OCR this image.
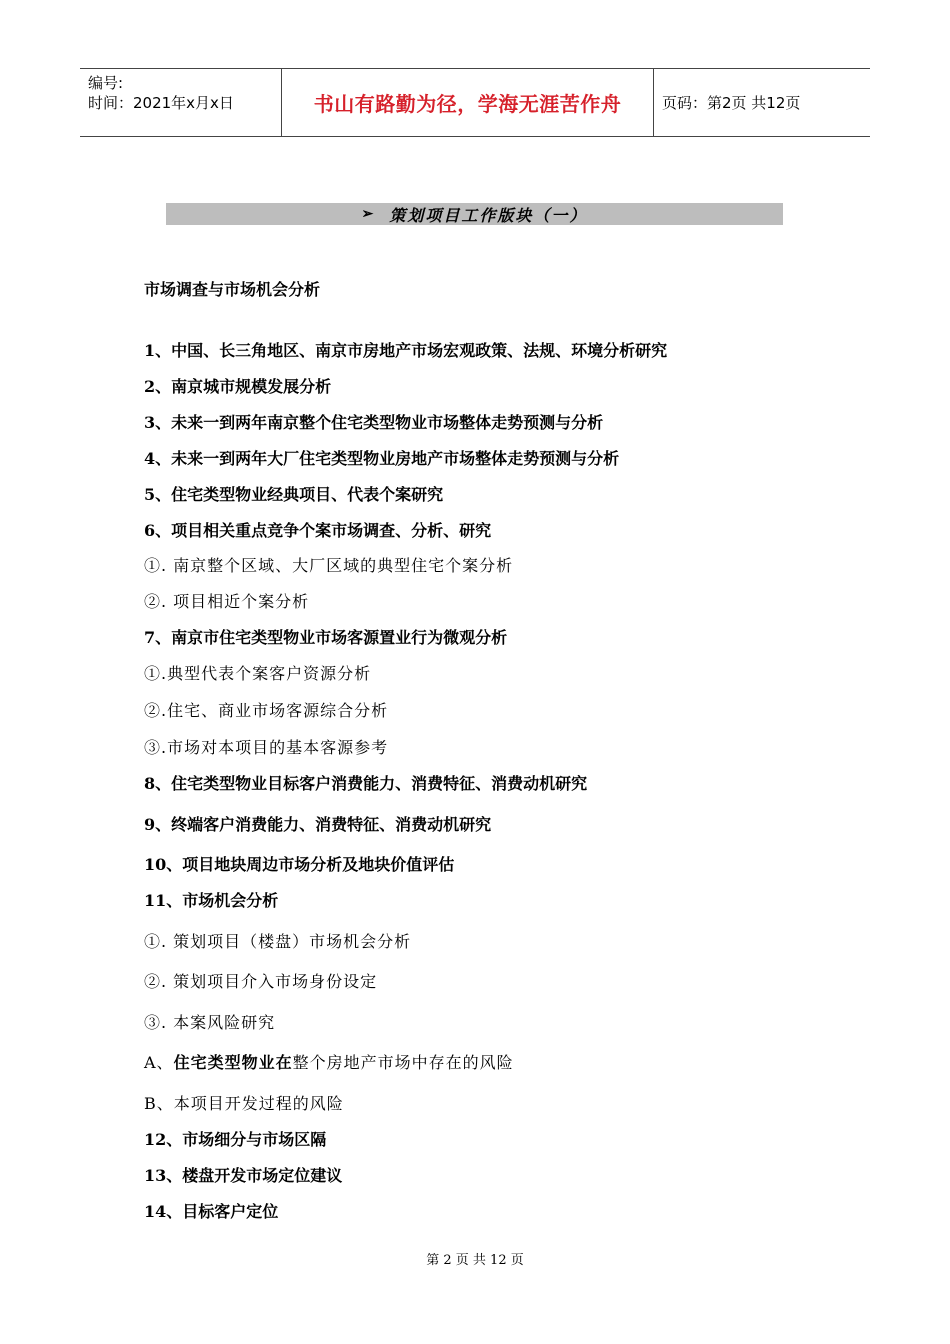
编号:
时间：2021年x月x日	书山有路勤为径，学海无涯苦作舟	页码：第2页 共12页
➢ 策划项目工作版块（一）
市场调查与市场机会分析
1、中国、长三角地区、南京市房地产市场宏观政策、法规、环境分析研究
2、南京城市规模发展分析
3、未来一到两年南京整个住宅类型物业市场整体走势预测与分析
4、未来一到两年大厂住宅类型物业房地产市场整体走势预测与分析
5、住宅类型物业经典项目、代表个案研究
6、项目相关重点竞争个案市场调查、分析、研究
①. 南京整个区域、大厂区域的典型住宅个案分析
②. 项目相近个案分析
7、南京市住宅类型物业市场客源置业行为微观分析
①.典型代表个案客户资源分析
②.住宅、商业市场客源综合分析
③.市场对本项目的基本客源参考
8、住宅类型物业目标客户消费能力、消费特征、消费动机研究
9、终端客户消费能力、消费特征、消费动机研究
10、项目地块周边市场分析及地块价值评估
11、市场机会分析
①. 策划项目（楼盘）市场机会分析
②. 策划项目介入市场身份设定
③. 本案风险研究
A、住宅类型物业在整个房地产市场中存在的风险
B、本项目开发过程的风险
12、市场细分与市场区隔
13、楼盘开发市场定位建议
14、目标客户定位
第 2 页 共 12 页
